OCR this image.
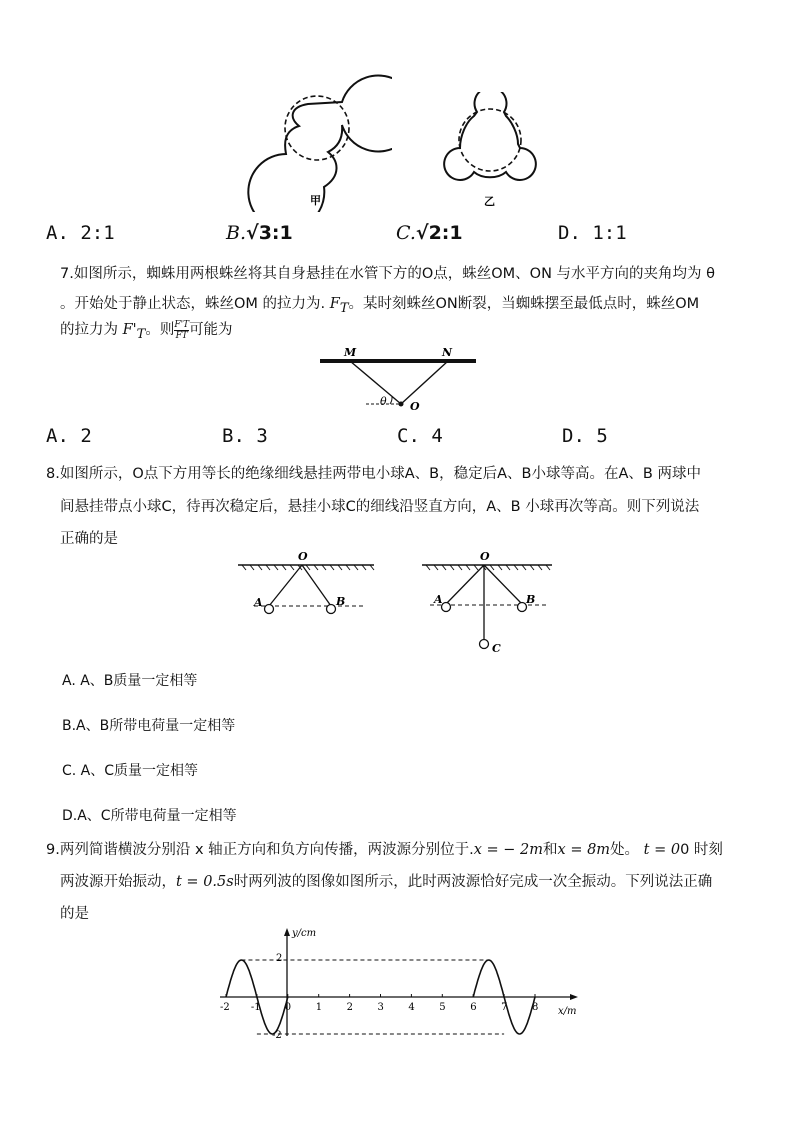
甲	乙
A. 2:1	B.√3:1	C.√2:1	D. 1:1
7.如图所示，蜘蛛用两根蛛丝将其自身悬挂在水管下方的O点，蛛丝OM、ON 与水平方向的夹角均为 θ
。开始处于静止状态，蛛丝OM 的拉力为. $F_T$。某时刻蛛丝ON断裂，当蜘蛛摆至最低点时，蛛丝OM
的拉力为 $F'_T$。则 $\frac{F'T}{FT}$ 可能为
M	N
θ O
A. 2	B. 3	C. 4	D. 5
8.如图所示，O点下方用等长的绝缘细线悬挂两带电小球A、B，稳定后A、B小球等高。在A、B 两球中
间悬挂带点小球C，待再次稳定后，悬挂小球C的细线沿竖直方向，A、B 小球再次等高。则下列说法
正确的是
O
A	B
O
A	B
C
A. A、B质量一定相等
B.A、B所带电荷量一定相等
C. A、C质量一定相等
D.A、C所带电荷量一定相等
9.两列简谐横波分别沿 x 轴正方向和负方向传播，两波源分别位于.x = − 2m和x = 8m处。 t = 00 时刻
两波源开始振动，t = 0.5s时两列波的图像如图所示，此时两波源恰好完成一次全振动。下列说法正确
的是
-2 -1 0 1 2 3 4 5 6 7 8
y/cm
x/m
2
-2
